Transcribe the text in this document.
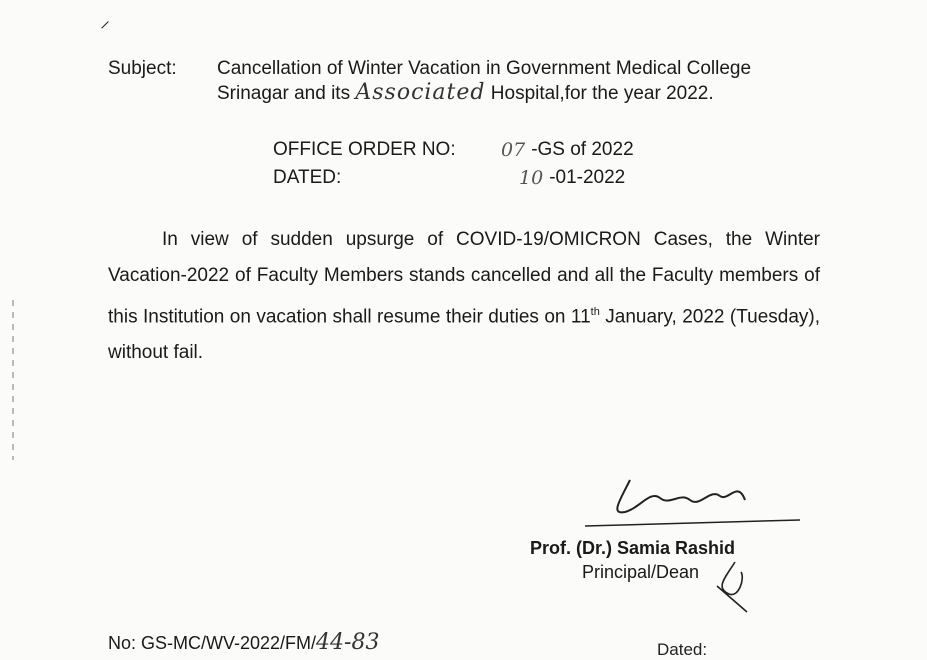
⸝
Subject:	Cancellation of Winter Vacation in Government Medical College
Srinagar and its Associated Hospital,for the year 2022.
OFFICE ORDER NO:	07 -GS of 2022
DATED:	10 -01-2022
In view of sudden upsurge of COVID-19/OMICRON Cases, the Winter Vacation-2022 of Faculty Members stands cancelled and all the Faculty members of this Institution on vacation shall resume their duties on 11th January, 2022 (Tuesday), without fail.
Rashid
Prof. (Dr.) Samia Rashid
Principal/Dean
No: GS-MC/WV-2022/FM/44-83	Dated:
